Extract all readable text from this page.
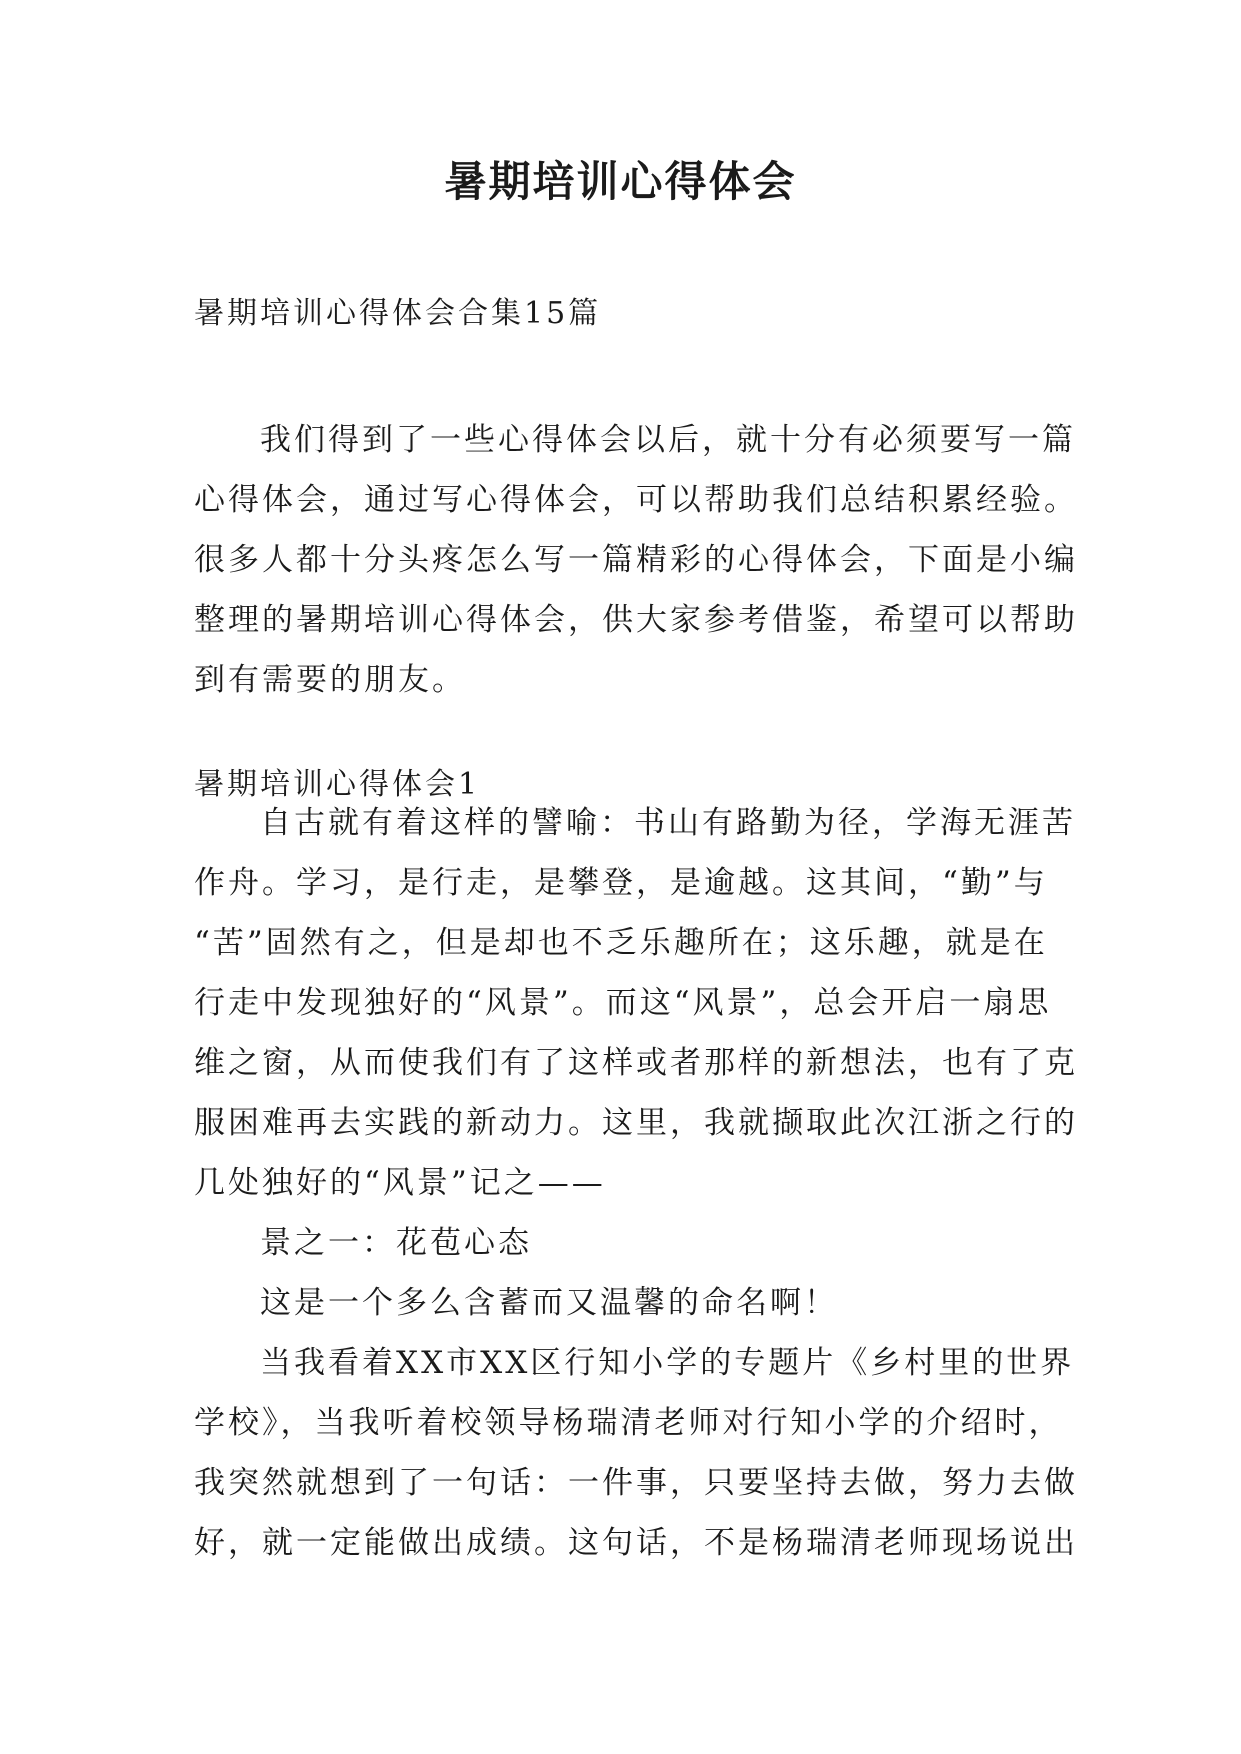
暑期培训心得体会
暑期培训心得体会合集15篇
我们得到了一些心得体会以后，就十分有必须要写一篇
心得体会，通过写心得体会，可以帮助我们总结积累经验。
很多人都十分头疼怎么写一篇精彩的心得体会，下面是小编
整理的暑期培训心得体会，供大家参考借鉴，希望可以帮助
到有需要的朋友。
暑期培训心得体会1
自古就有着这样的譬喻：书山有路勤为径，学海无涯苦
作舟。学习，是行走，是攀登，是逾越。这其间，“勤”与
“苦”固然有之，但是却也不乏乐趣所在；这乐趣，就是在
行走中发现独好的“风景”。而这“风景”，总会开启一扇思
维之窗，从而使我们有了这样或者那样的新想法，也有了克
服困难再去实践的新动力。这里，我就撷取此次江浙之行的
几处独好的“风景”记之——
景之一：花苞心态
这是一个多么含蓄而又温馨的命名啊！
当我看着XX市XX区行知小学的专题片《乡村里的世界
学校》，当我听着校领导杨瑞清老师对行知小学的介绍时，
我突然就想到了一句话：一件事，只要坚持去做，努力去做
好，就一定能做出成绩。这句话，不是杨瑞清老师现场说出
